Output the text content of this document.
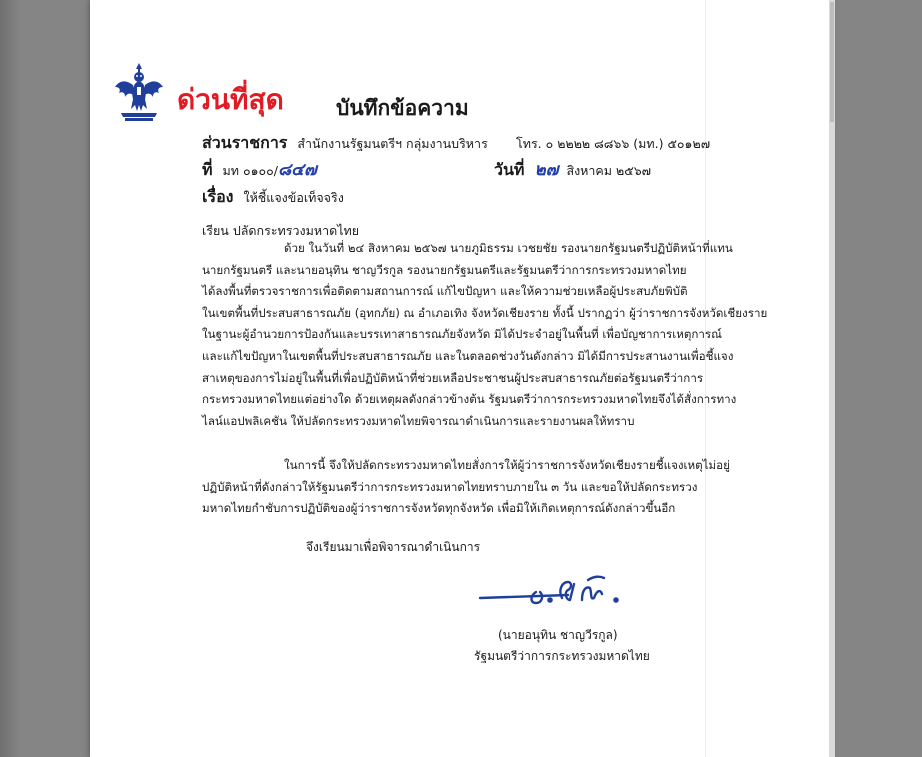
ด่วนที่สุด บันทึกข้อความ
ส่วนราชการ สำนักงานรัฐมนตรีฯ กลุ่มงานบริหาร โทร. ๐ ๒๒๒๒ ๘๘๖๖ (มท.) ๕๐๑๒๗
ที่ มท ๐๑๐๐/๘๔๗	วันที่ ๒๗ สิงหาคม ๒๕๖๗
เรื่อง ให้ชี้แจงข้อเท็จจริง
เรียน ปลัดกระทรวงมหาดไทย
ด้วย ในวันที่ ๒๔ สิงหาคม ๒๕๖๗ นายภูมิธรรม เวชยชัย รองนายกรัฐมนตรีปฏิบัติหน้าที่แทน
นายกรัฐมนตรี และนายอนุทิน ชาญวีรกูล รองนายกรัฐมนตรีและรัฐมนตรีว่าการกระทรวงมหาดไทย
ได้ลงพื้นที่ตรวจราชการเพื่อติดตามสถานการณ์ แก้ไขปัญหา และให้ความช่วยเหลือผู้ประสบภัยพิบัติ
ในเขตพื้นที่ประสบสาธารณภัย (อุทกภัย) ณ อำเภอเทิง จังหวัดเชียงราย ทั้งนี้ ปรากฏว่า ผู้ว่าราชการจังหวัดเชียงราย
ในฐานะผู้อำนวยการป้องกันและบรรเทาสาธารณภัยจังหวัด มิได้ประจำอยู่ในพื้นที่ เพื่อบัญชาการเหตุการณ์
และแก้ไขปัญหาในเขตพื้นที่ประสบสาธารณภัย และในตลอดช่วงวันดังกล่าว มิได้มีการประสานงานเพื่อชี้แจง
สาเหตุของการไม่อยู่ในพื้นที่เพื่อปฏิบัติหน้าที่ช่วยเหลือประชาชนผู้ประสบสาธารณภัยต่อรัฐมนตรีว่าการ
กระทรวงมหาดไทยแต่อย่างใด ด้วยเหตุผลดังกล่าวข้างต้น รัฐมนตรีว่าการกระทรวงมหาดไทยจึงได้สั่งการทาง
ไลน์แอปพลิเคชัน ให้ปลัดกระทรวงมหาดไทยพิจารณาดำเนินการและรายงานผลให้ทราบ
ในการนี้ จึงให้ปลัดกระทรวงมหาดไทยสั่งการให้ผู้ว่าราชการจังหวัดเชียงรายชี้แจงเหตุไม่อยู่
ปฏิบัติหน้าที่ดังกล่าวให้รัฐมนตรีว่าการกระทรวงมหาดไทยทราบภายใน ๓ วัน และขอให้ปลัดกระทรวง
มหาดไทยกำชับการปฏิบัติของผู้ว่าราชการจังหวัดทุกจังหวัด เพื่อมิให้เกิดเหตุการณ์ดังกล่าวขึ้นอีก
จึงเรียนมาเพื่อพิจารณาดำเนินการ
(นายอนุทิน ชาญวีรกูล)
รัฐมนตรีว่าการกระทรวงมหาดไทย
